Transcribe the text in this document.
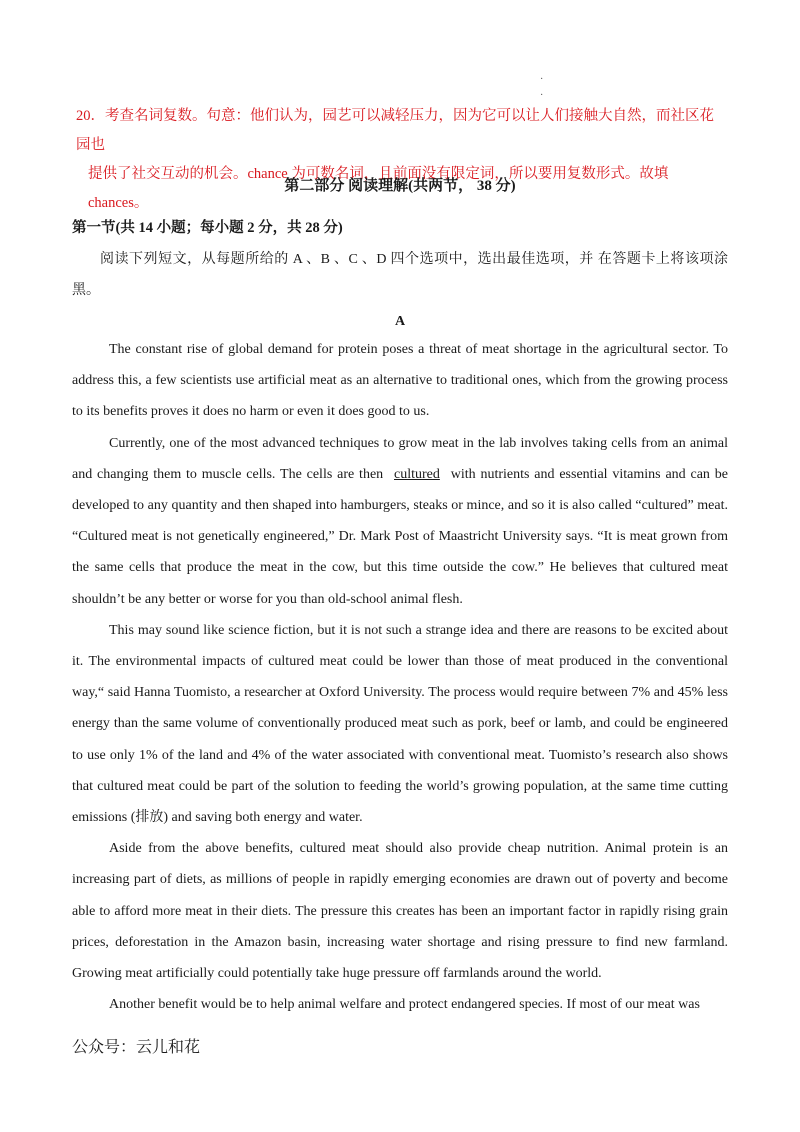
·
·

20．考查名词复数。句意：他们认为，园艺可以减轻压力，因为它可以让人们接触大自然，而社区花园也

提供了社交互动的机会。chance 为可数名词，且前面没有限定词，所以要用复数形式。故填 chances。

第二部分 阅读理解(共两节， 38 分)
第一节(共 14 小题；每小题 2 分，共 28 分)

阅读下列短文，从每题所给的 A 、B 、C 、D 四个选项中，选出最佳选项，并 在答题卡上将该项涂黑。

A

The constant rise of global demand for protein poses a threat of meat shortage in the agricultural sector. To address this, a few scientists use artificial meat as an alternative to traditional ones, which from the growing process to its benefits proves it does no harm or even it does good to us.

Currently, one of the most advanced techniques to grow meat in the lab involves taking cells from an animal and changing them to muscle cells. The cells are then cultured with nutrients and essential vitamins and can be developed to any quantity and then shaped into hamburgers, steaks or mince, and so it is also called “cultured” meat. “Cultured meat is not genetically engineered,” Dr. Mark Post of Maastricht University says. “It is meat grown from the same cells that produce the meat in the cow, but this time outside the cow.” He believes that cultured meat shouldn’t be any better or worse for you than old-school animal flesh.

This may sound like science fiction, but it is not such a strange idea and there are reasons to be excited about it. The environmental impacts of cultured meat could be lower than those of meat produced in the conventional way,“ said Hanna Tuomisto, a researcher at Oxford University. The process would require between 7% and 45% less energy than the same volume of conventionally produced meat such as pork, beef or lamb, and could be engineered to use only 1% of the land and 4% of the water associated with conventional meat. Tuomisto’s research also shows that cultured meat could be part of the solution to feeding the world’s growing population, at the same time cutting emissions (排放) and saving both energy and water.

Aside from the above benefits, cultured meat should also provide cheap nutrition. Animal protein is an increasing part of diets, as millions of people in rapidly emerging economies are drawn out of poverty and become able to afford more meat in their diets. The pressure this creates has been an important factor in rapidly rising grain prices, deforestation in the Amazon basin, increasing water shortage and rising pressure to find new farmland. Growing meat artificially could potentially take huge pressure off farmlands around the world.

Another benefit would be to help animal welfare and protect endangered species. If most of our meat was

公众号：云儿和花
